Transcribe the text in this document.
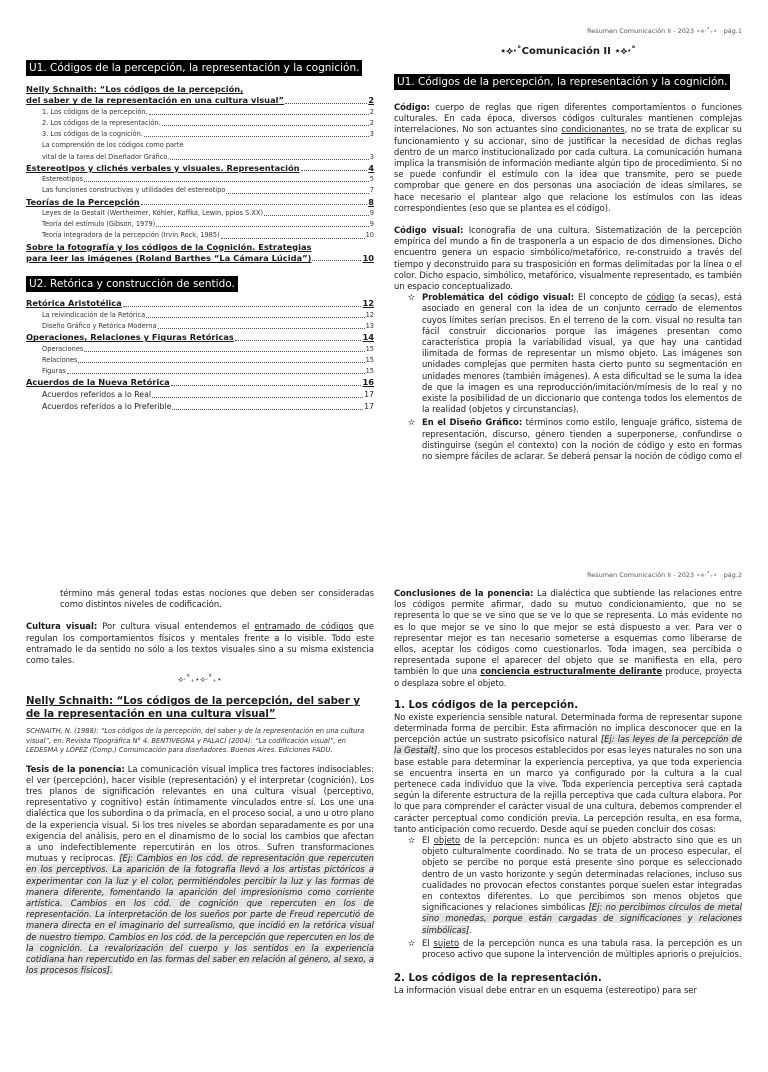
Resumen Comunicación II - 2023 ⋆⟡⋅˚₊⋆ pág.1
⋆⟡⋅˚Comunicación II ⋆⟡⋅˚
U1. Códigos de la percepción, la representación y la cognición.
Nelly Schnaith: “Los códigos de la percepción,
del saber y de la representación en una cultura visual”	2
1. Los códigos de la percepción.	2
2. Los códigos de la representación.	2
3. Los códigos de la cognición.	3
La comprensión de los códigos como parte
vital de la tarea del Diseñador Gráfico.	3
Estereotipos y clichés verbales y visuales. Representación	4
Estereotipos	5
Las funciones constructivas y utilidades del estereotipo	7
Teorías de la Percepción	8
Leyes de la Gestalt (Wertheimer, Köhler, Koffka, Lewin, ppios S.XX)	9
Teoría del estímulo (Gibson, 1979)	9
Teoría integradora de la percepción (Irvin Rock, 1985)	10
Sobre la fotografía y los códigos de la Cognición. Estrategias
para leer las imágenes (Roland Barthes “La Cámara Lúcida”)	10
U2. Retórica y construcción de sentido.
Retórica Aristotélica	12
La reivindicación de la Retórica	12
Diseño Gráfico y Retórica Moderna	13
Operaciones, Relaciones y Figuras Retóricas	14
Operaciones	15
Relaciones	15
Figuras	15
Acuerdos de la Nueva Retórica	16
Acuerdos referidos a lo Real	17
Acuerdos referidos a lo Preferible	17
U1. Códigos de la percepción, la representación y la cognición.

Código: cuerpo de reglas que rigen diferentes comportamientos o funciones culturales. En cada época, diversos códigos culturales mantienen complejas interrelaciones. No son actuantes sino condicionantes, no se trata de explicar su funcionamiento y su accionar, sino de justificar la necesidad de dichas reglas dentro de un marco institucionalizado por cada cultura. La comunicación humana implica la transmisión de información mediante algún tipo de procedimiento. Si no se puede confundir el estímulo con la idea que transmite, pero se puede comprobar que genere en dos personas una asociación de ideas similares, se hace necesario el plantear algo que relacione los estímulos con las ideas correspondientes (eso que se plantea es el código).

Código visual: Iconografía de una cultura. Sistematización de la percepción empírica del mundo a fin de trasponerla a un espacio de dos dimensiones. Dicho encuentro genera un espacio simbólico/metafórico, re-construido a través del tiempo y deconstruido para su trasposición en formas delimitadas por la línea o el color. Dicho espacio, simbólico, metafórico, visualmente representado, es también un espacio conceptualizado.

✫ Problemática del código visual: El concepto de código (a secas), está asociado en general con la idea de un conjunto cerrado de elementos cuyos límites serían precisos. En el terreno de la com. visual no resulta tan fácil construir diccionarios porque las imágenes presentan como característica propia la variabilidad visual, ya que hay una cantidad ilimitada de formas de representar un mismo objeto. Las imágenes son unidades complejas que permiten hasta cierto punto su segmentación en unidades menores (también imágenes). A esta dificultad se le suma la idea de que la imagen es una reproducción/imitación/mímesis de lo real y no existe la posibilidad de un diccionario que contenga todos los elementos de la realidad (objetos y circunstancias).
✫ En el Diseño Gráfico: términos como estilo, lenguaje gráfico, sistema de representación, discurso, género tienden a superponerse, confundirse o distinguirse (según el contexto) con la noción de código y esto en formas no siempre fáciles de aclarar. Se deberá pensar la noción de código como el
Resumen Comunicación II - 2023 ⋆⟡⋅˚₊⋆ pág.2

término más general todas estas nociones que deben ser consideradas como distintos niveles de codificación.

Cultura visual: Por cultura visual entendemos el entramado de códigos que regulan los comportamientos físicos y mentales frente a lo visible. Todo este entramado le da sentido no sólo a los textos visuales sino a su misma existencia como tales.

⟡⋅˚₊⋆⟡⋅˚₊⋆

Nelly Schnaith: “Los códigos de la percepción, del saber y de la representación en una cultura visual”

SCHNAITH, N. (1988): “Los códigos de la percepción, del saber y de la representación en una cultura visual”, en: Revista Tipográfica N° 4. BENTIVEGNA y PALACÍ (2004): “La codificación visual”, en LEDESMA y LÓPEZ (Comp.) Comunicación para diseñadores. Buenos Aires. Ediciones FADU.

Tesis de la ponencia: La comunicación visual implica tres factores indisociables: el ver (percepción), hacer visible (representación) y el interpretar (cognición). Los tres planos de significación relevantes en una cultura visual (perceptivo, representativo y cognitivo) están íntimamente vinculados entre sí. Los une una dialéctica que los subordina o da primacía, en el proceso social, a uno u otro plano de la experiencia visual. Si los tres niveles se abordan separadamente es por una exigencia del análisis, pero en el dinamismo de lo social los cambios que afectan a uno indefectiblemente repercutirán en los otros. Sufren transformaciones mutuas y recíprocas. [Ej: Cambios en los cód. de representación que repercuten en los perceptivos. La aparición de la fotografía llevó a los artistas pictóricos a experimentar con la luz y el color, permitiéndoles percibir la luz y las formas de manera diferente, fomentando la aparición del impresionismo como corriente artística. Cambios en los cód. de cognición que repercuten en los de representación. La interpretación de los sueños por parte de Freud repercutió de manera directa en el imaginario del surrealismo, que incidió en la retórica visual de nuestro tiempo. Cambios en los cód. de la percepción que repercuten en los de la cognición. La revalorización del cuerpo y los sentidos en la experiencia cotidiana han repercutido en las formas del saber en relación al género, al sexo, a los procesos físicos].

Conclusiones de la ponencia: La dialéctica que subtiende las relaciones entre los códigos permite afirmar, dado su mutuo condicionamiento, que no se representa lo que se ve sino que se ve lo que se representa. Lo más evidente no es lo que mejor se ve sino lo que mejor se está dispuesto a ver. Para ver o representar mejor es tan necesario someterse a esquemas como liberarse de ellos, aceptar los códigos como cuestionarlos. Toda imagen, sea percibida o representada supone el aparecer del objeto que se manifiesta en ella, pero también lo que una conciencia estructuralmente delirante produce, proyecta o desplaza sobre el objeto.

1. Los códigos de la percepción.

No existe experiencia sensible natural. Determinada forma de representar supone determinada forma de percibir. Esta afirmación no implica desconocer que en la percepción actúe un sustrato psicofísico natural [Ej: las leyes de la percepción de la Gestalt], sino que los procesos establecidos por esas leyes naturales no son una base estable para determinar la experiencia perceptiva, ya que toda experiencia se encuentra inserta en un marco ya configurado por la cultura a la cual pertenece cada individuo que la vive. Toda experiencia perceptiva será captada según la diferente estructura de la rejilla perceptiva que cada cultura elabora. Por lo que para comprender el carácter visual de una cultura, debemos comprender el carácter perceptual como condición previa. La percepción resulta, en esa forma, tanto anticipación como recuerdo. Desde aquí se pueden concluir dos cosas:

✫ El objeto de la percepción: nunca es un objeto abstracto sino que es un objeto culturalmente coordinado. No se trata de un proceso especular, el objeto se percibe no porque está presente sino porque es seleccionado dentro de un vasto horizonte y según determinadas relaciones, incluso sus cualidades no provocan efectos constantes porque suelen estar integradas en contextos diferentes. Lo que percibimos son menos objetos que significaciones y relaciones simbólicas [Ej: no percibimos círculos de metal sino monedas, porque están cargadas de significaciones y relaciones simbólicas].
✫ El sujeto de la percepción nunca es una tabula rasa. la percepción es un proceso activo que supone la intervención de múltiples aprioris o prejuicios.

2. Los códigos de la representación.

La información visual debe entrar en un esquema (estereotipo) para ser
